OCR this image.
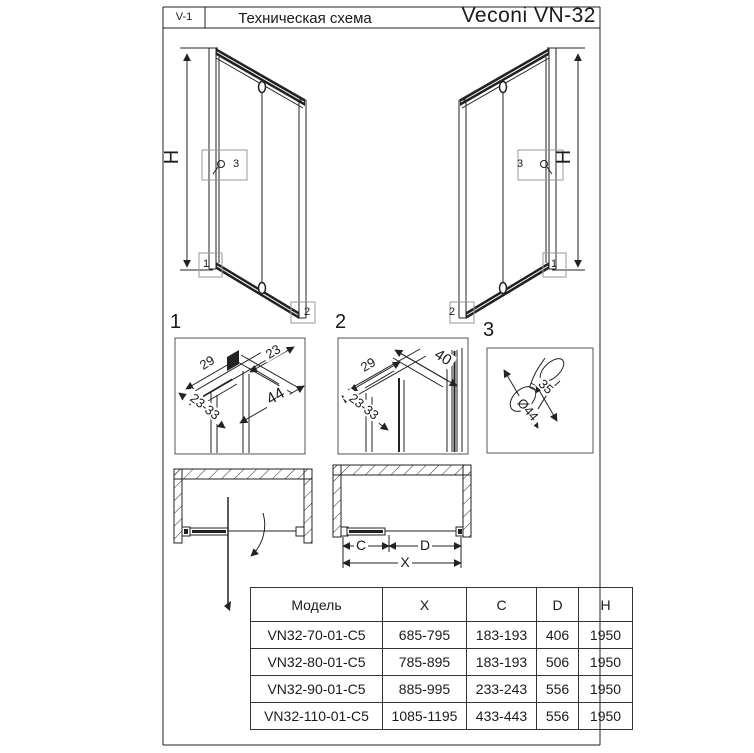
V-1	Техническая схема	Veconi VN-32
H	H
3
1
2
3
1
2
1	2	3
29
23
23-33	44
29	40
23-33
35
Ø44
C	D
X
Модель	X	C	D	H
VN32-70-01-C5	685-795	183-193	406	1950
VN32-80-01-C5	785-895	183-193	506	1950
VN32-90-01-C5	885-995	233-243	556	1950
VN32-110-01-C5	1085-1195	433-443	556	1950
